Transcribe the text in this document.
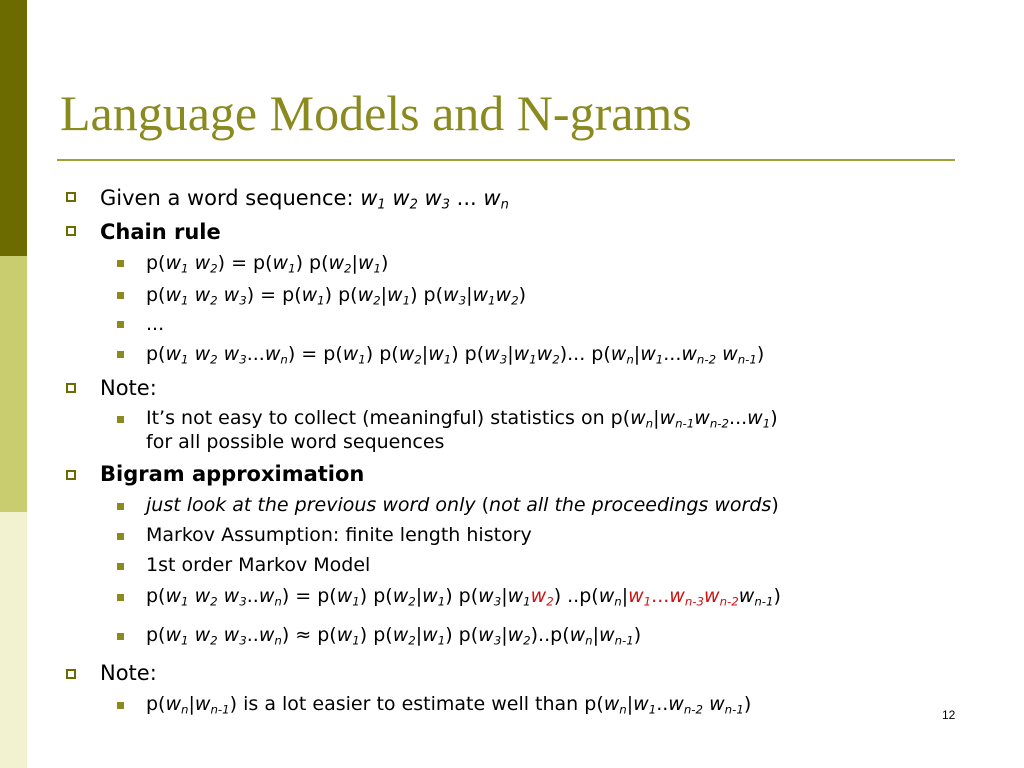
Language Models and N-grams
Given a word sequence: $w_1$ $w_2$ $w_3$ ... $w_n$
Chain rule
$p(w_1$ $w_2) = p(w_1)$ $p(w_2|w_1)$
$p(w_1$ $w_2$ $w_3) = p(w_1)$ $p(w_2|w_1)$ $p(w_3|w_1w_2)$
...
$p(w_1$ $w_2$ $w_3...w_n) = p(w_1)$ $p(w_2|w_1)$ $p(w_3|w_1w_2)$... $p(w_n|w_1...w_{n-2}$ $w_{n-1}$)
Note:
It’s not easy to collect (meaningful) statistics on $p(w_n|w_{n-1}w_{n-2}...w_1)$
for all possible word sequences
Bigram approximation
just look at the previous word only (not all the proceedings words)
Markov Assumption: finite length history
1st order Markov Model
$p(w_1$ $w_2$ $w_3..w_n) = p(w_1)$ $p(w_2|w_1)$ $p(w_3|w_1w_2)$ $..p(w_n|w_1...w_{n-3}w_{n-2}w_{n-1})$
$p(w_1$ $w_2$ $w_3..w_n) \approx p(w_1)$ $p(w_2|w_1)$ $p(w_3|w_2)..p(w_n|w_{n-1})$
Note:
$p(w_n|w_{n-1})$ is a lot easier to estimate well than $p(w_n|w_1..w_{n-2}$ $w_{n-1}$)	12
